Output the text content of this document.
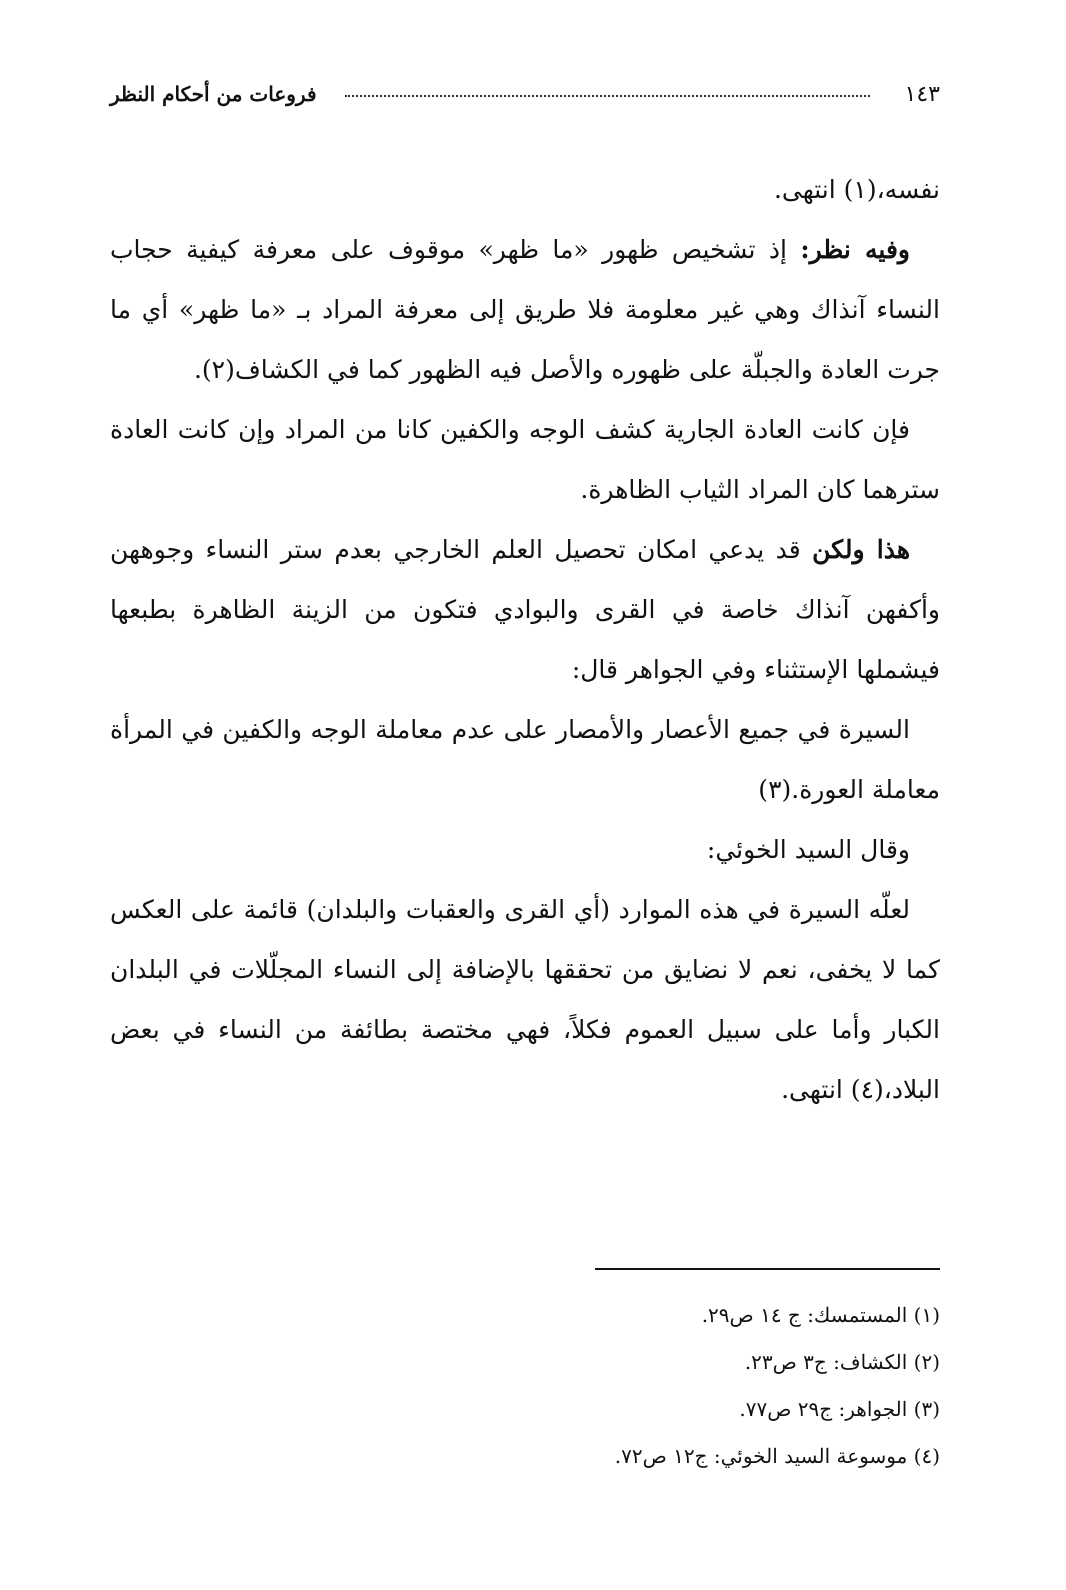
١٤٣
فروعات من أحكام النظر

نفسه،(١) انتهى.

وفيه نظر: إذ تشخيص ظهور «ما ظهر» موقوف على معرفة كيفية حجاب النساء آنذاك وهي غير معلومة فلا طريق إلى معرفة المراد بـ «ما ظهر» أي ما جرت العادة والجبلّة على ظهوره والأصل فيه الظهور كما في الكشاف(٢).

فإن كانت العادة الجارية كشف الوجه والكفين كانا من المراد وإن كانت العادة سترهما كان المراد الثياب الظاهرة.

هذا ولكن قد يدعي امكان تحصيل العلم الخارجي بعدم ستر النساء وجوههن وأكفهن آنذاك خاصة في القرى والبوادي فتكون من الزينة الظاهرة بطبعها فيشملها الإستثناء وفي الجواهر قال:

السيرة في جميع الأعصار والأمصار على عدم معاملة الوجه والكفين في المرأة معاملة العورة.(٣)

وقال السيد الخوئي:

لعلّه السيرة في هذه الموارد (أي القرى والعقبات والبلدان) قائمة على العكس كما لا يخفى، نعم لا نضايق من تحققها بالإضافة إلى النساء المجلّلات في البلدان الكبار وأما على سبيل العموم فكلاً، فهي مختصة بطائفة من النساء في بعض البلاد،(٤) انتهى.

(١) المستمسك: ج ١٤ ص٢٩.
(٢) الكشاف: ج٣ ص٢٣.
(٣) الجواهر: ج٢٩ ص٧٧.
(٤) موسوعة السيد الخوئي: ج١٢ ص٧٢.
